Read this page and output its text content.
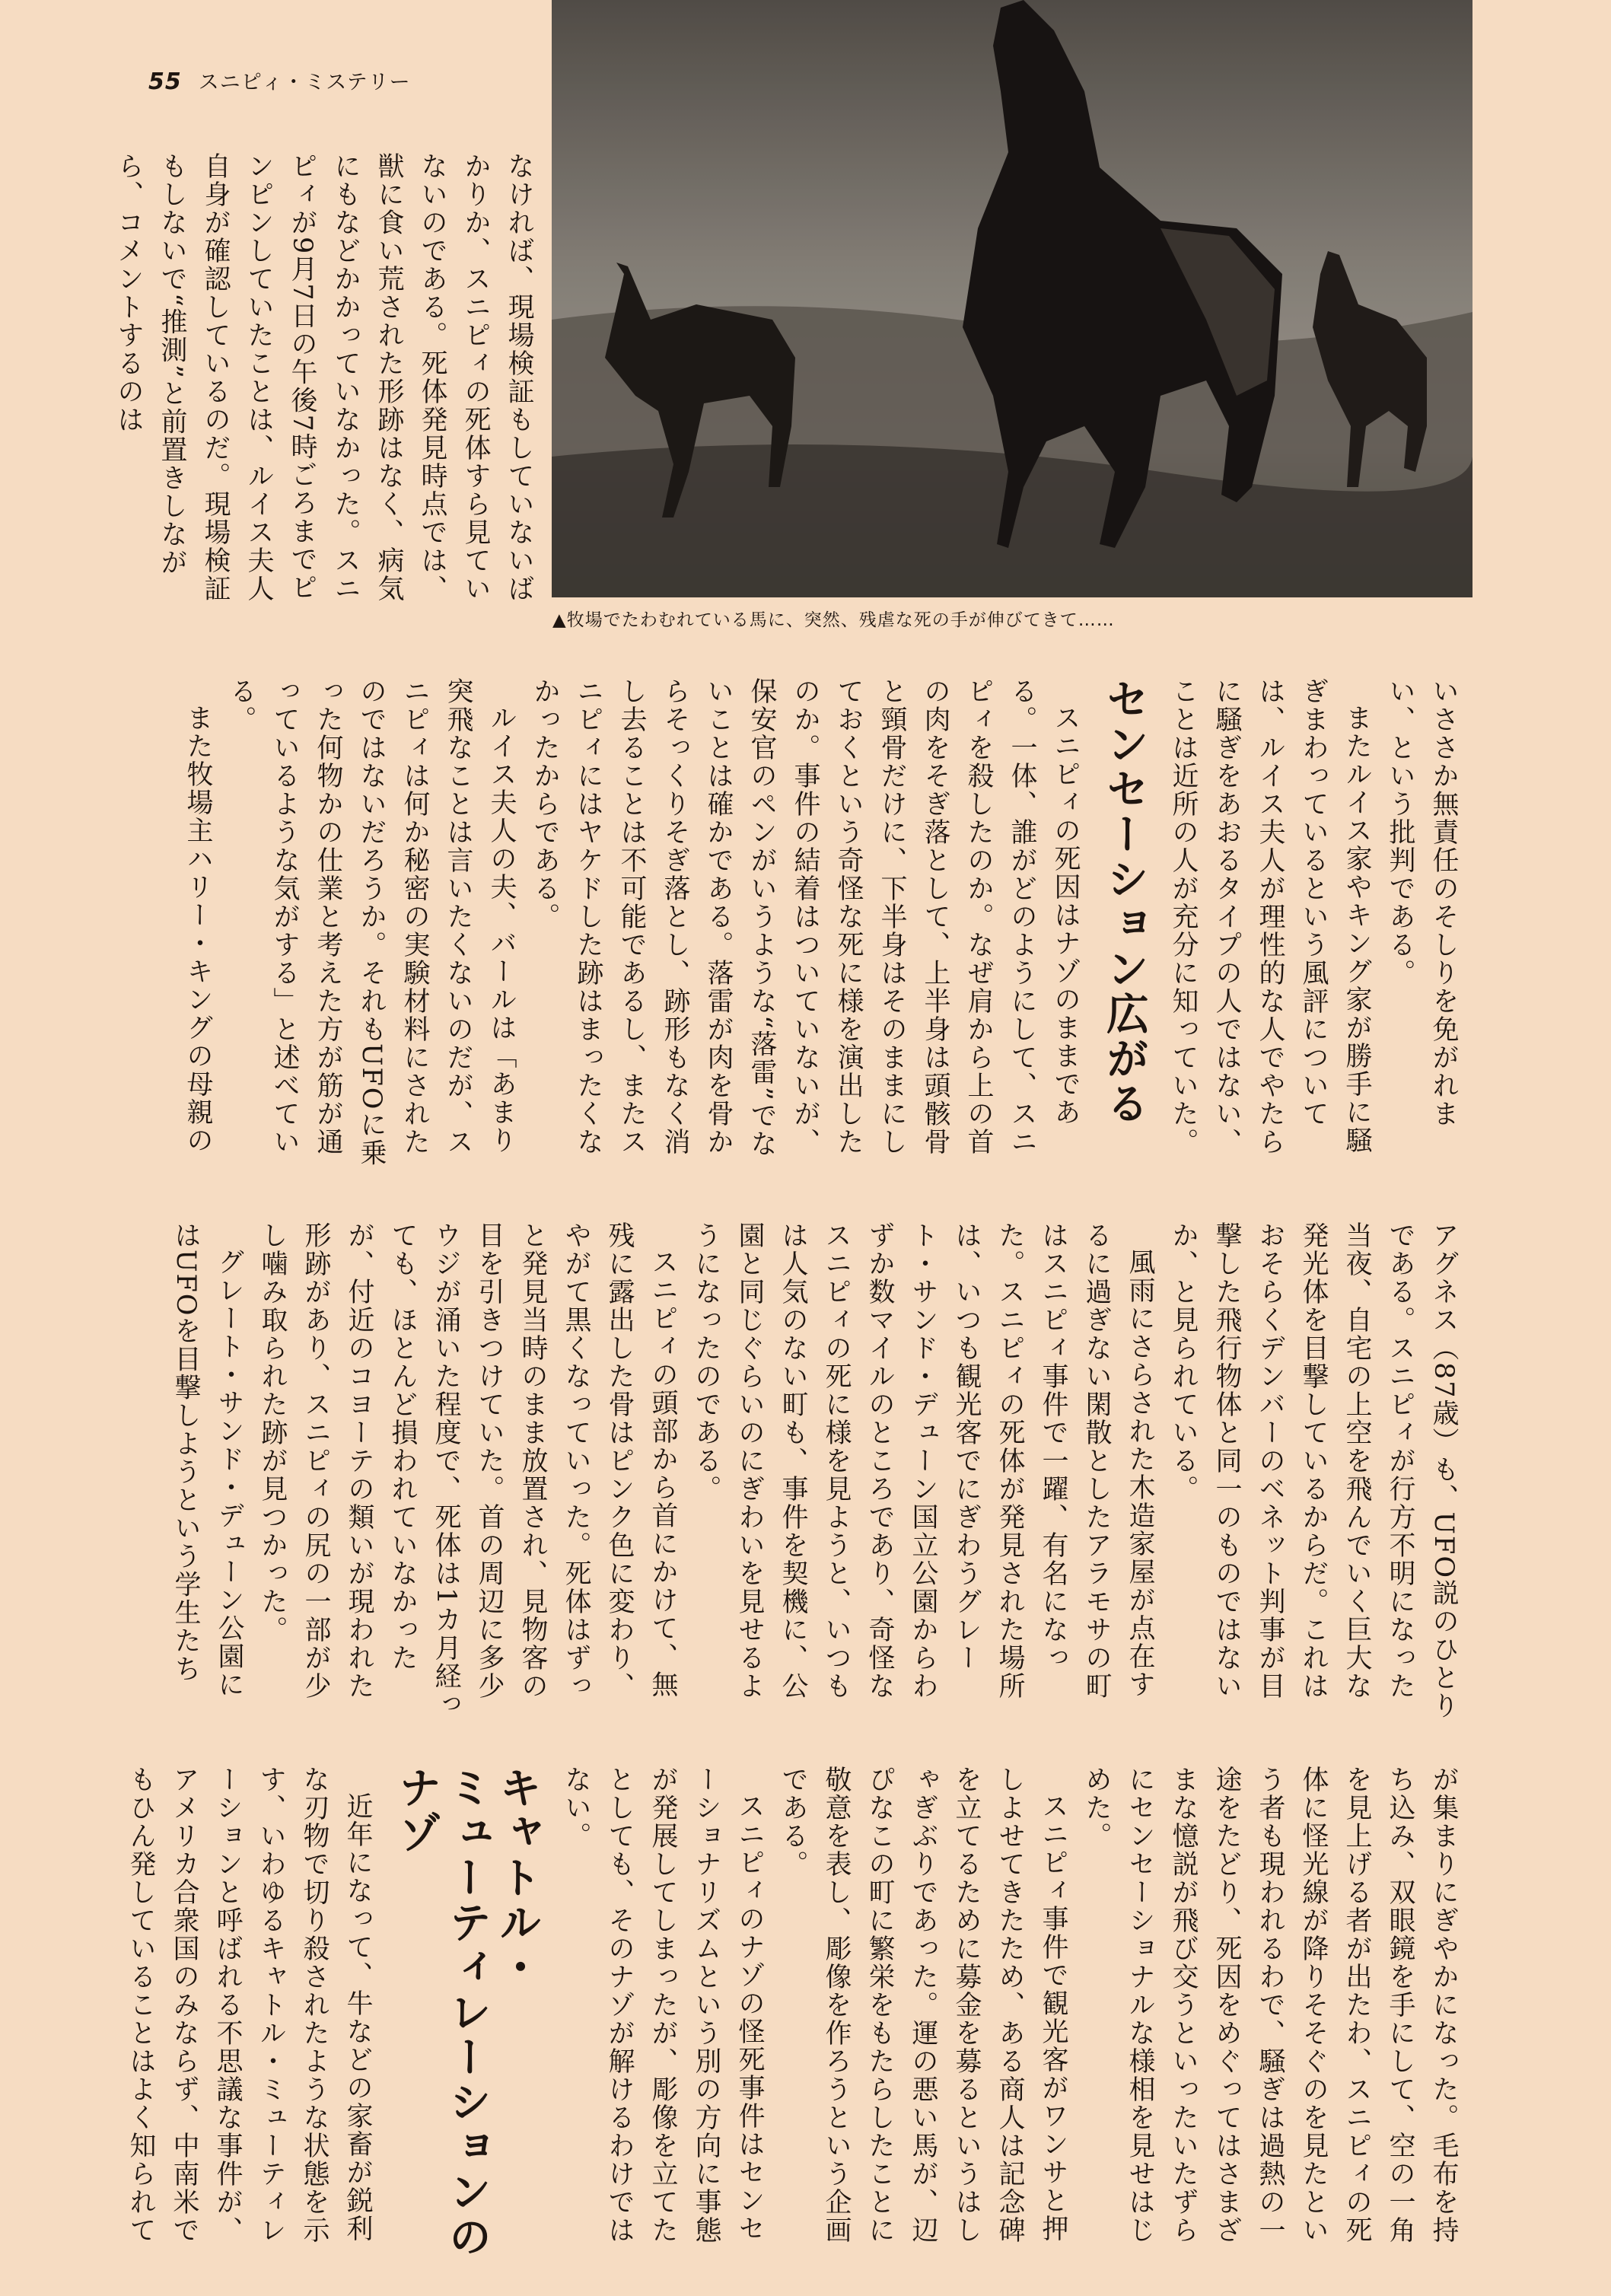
55 スニピィ・ミステリー
▲牧場でたわむれている馬に、突然、残虐な死の手が伸びてきて……

なければ、現場検証もしていないばかりか、スニピィの死体すら見ていないのである。死体発見時点では、獣に食い荒された形跡はなく、病気にもなどかかっていなかった。スニピィが9月7日の午後7時ごろまでピンピンしていたことは、ルイス夫人自身が確認しているのだ。現場検証もしないで“推測”と前置きしながら、コメントするのは

いささか無責任のそしりを免がれまい、という批判である。

またルイス家やキング家が勝手に騒ぎまわっているという風評については、ルイス夫人が理性的な人でやたらに騒ぎをあおるタイプの人ではない、ことは近所の人が充分に知っていた。

センセーション広がる

スニピィの死因はナゾのままである。一体、誰がどのようにして、スニピィを殺したのか。なぜ肩から上の首の肉をそぎ落として、上半身は頭骸骨と頸骨だけに、下半身はそのままにしておくという奇怪な死に様を演出したのか。事件の結着はついていないが、保安官のペンがいうような“落雷”でないことは確かである。落雷が肉を骨からそっくりそぎ落とし、跡形もなく消し去ることは不可能であるし、またスニピィにはヤケドした跡はまったくなかったからである。

ルイス夫人の夫、バールは「あまり突飛なことは言いたくないのだが、スニピィは何か秘密の実験材料にされたのではないだろうか。それもUFOに乗った何物かの仕業と考えた方が筋が通っているような気がする」と述べている。

また牧場主ハリー・キングの母親の

アグネス（87歳）も、UFO説のひとりである。スニピィが行方不明になった当夜、自宅の上空を飛んでいく巨大な発光体を目撃しているからだ。これはおそらくデンバーのベネット判事が目撃した飛行物体と同一のものではないか、と見られている。

風雨にさらされた木造家屋が点在するに過ぎない閑散としたアラモサの町はスニピィ事件で一躍、有名になった。スニピィの死体が発見された場所は、いつも観光客でにぎわうグレート・サンド・デューン国立公園からわずか数マイルのところであり、奇怪なスニピィの死に様を見ようと、いつもは人気のない町も、事件を契機に、公園と同じぐらいのにぎわいを見せるようになったのである。

スニピィの頭部から首にかけて、無残に露出した骨はピンク色に変わり、やがて黒くなっていった。死体はずっと発見当時のまま放置され、見物客の目を引きつけていた。首の周辺に多少ウジが涌いた程度で、死体は1カ月経っても、ほとんど損われていなかったが、付近のコヨーテの類いが現われた形跡があり、スニピィの尻の一部が少し噛み取られた跡が見つかった。

グレート・サンド・デューン公園にはUFOを目撃しようという学生たち

が集まりにぎやかになった。毛布を持ち込み、双眼鏡を手にして、空の一角を見上げる者が出たわ、スニピィの死体に怪光線が降りそそぐのを見たという者も現われるわで、騒ぎは過熱の一途をたどり、死因をめぐってはさまざまな憶説が飛び交うといったいたずらにセンセーショナルな様相を見せはじめた。

スニピィ事件で観光客がワンサと押しよせてきたため、ある商人は記念碑を立てるために募金を募るというはしゃぎぶりであった。運の悪い馬が、辺ぴなこの町に繁栄をもたらしたことに敬意を表し、彫像を作ろうという企画である。

スニピィのナゾの怪死事件はセンセーショナリズムという別の方向に事態が発展してしまったが、彫像を立てたとしても、そのナゾが解けるわけではない。

キャトル・
ミューティレーションのナゾ

近年になって、牛などの家畜が鋭利な刃物で切り殺されたような状態を示す、いわゆるキャトル・ミューティレーションと呼ばれる不思議な事件が、アメリカ合衆国のみならず、中南米でもひん発していることはよく知られて
